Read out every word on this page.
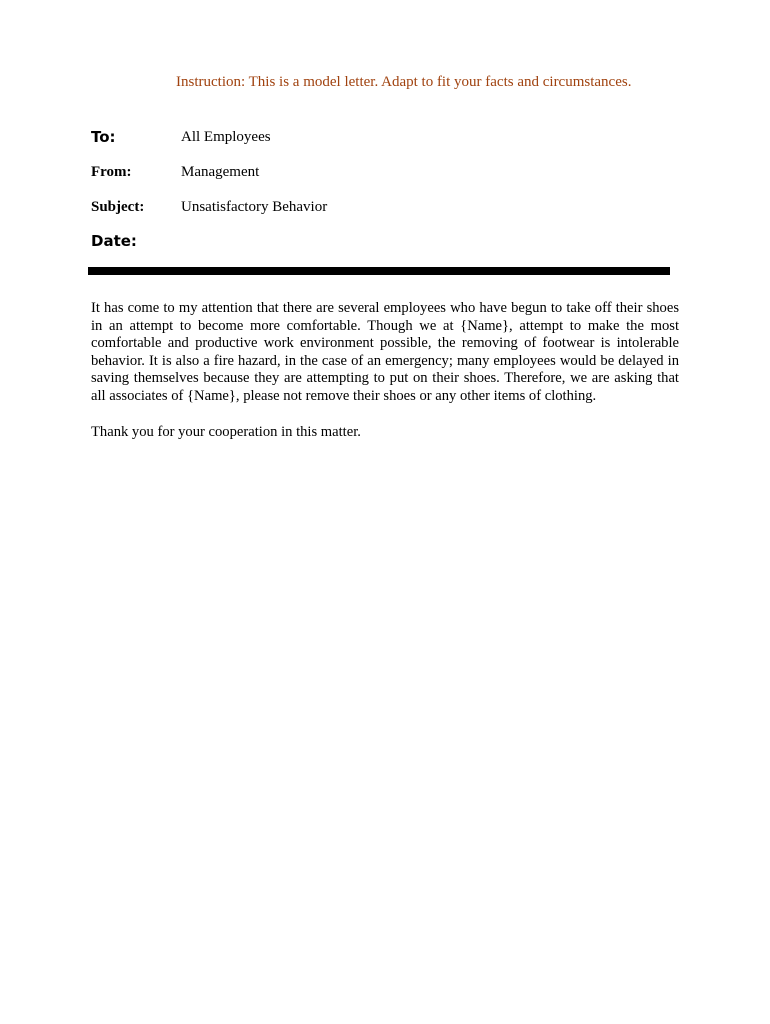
Instruction: This is a model letter. Adapt to fit your facts and circumstances.
To:	All Employees
From:	Management
Subject: Unsatisfactory Behavior
Date:
It has come to my attention that there are several employees who have begun to take off their shoes in an attempt to become more comfortable. Though we at {Name}, attempt to make the most comfortable and productive work environment possible, the removing of footwear is intolerable behavior. It is also a fire hazard, in the case of an emergency; many employees would be delayed in saving themselves because they are attempting to put on their shoes. Therefore, we are asking that all associates of {Name}, please not remove their shoes or any other items of clothing.
Thank you for your cooperation in this matter.
